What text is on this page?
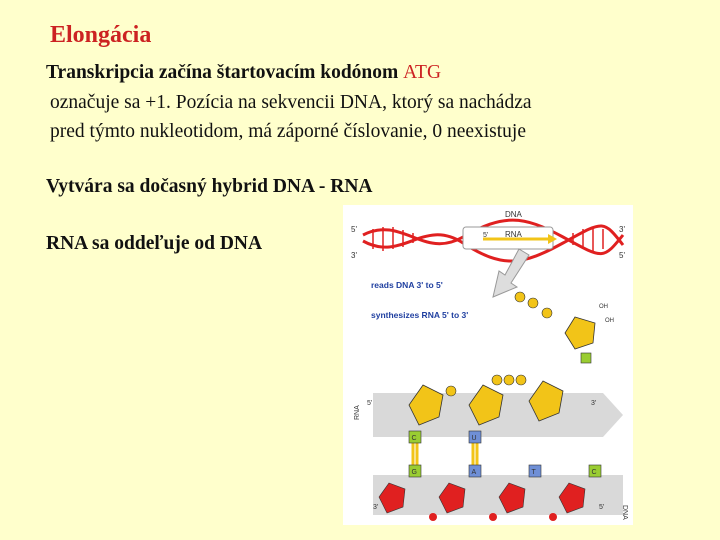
Elongácia
Transkripcia začína štartovacím kodónom ATG
označuje sa +1. Pozícia na sekvencii DNA, ktorý sa nachádza
pred týmto nukleotidom, má záporné číslovanie, 0 neexistuje
Vytvára sa dočasný hybrid DNA - RNA
RNA sa oddeľuje od DNA
DNA
RNA
5'
3'
5'
3'
5'
reads DNA 3' to 5'
synthesizes RNA 5' to 3'
OH
OH
RNA
5'	3'
C	U
G	A	T	C
DNA
3'	5'
